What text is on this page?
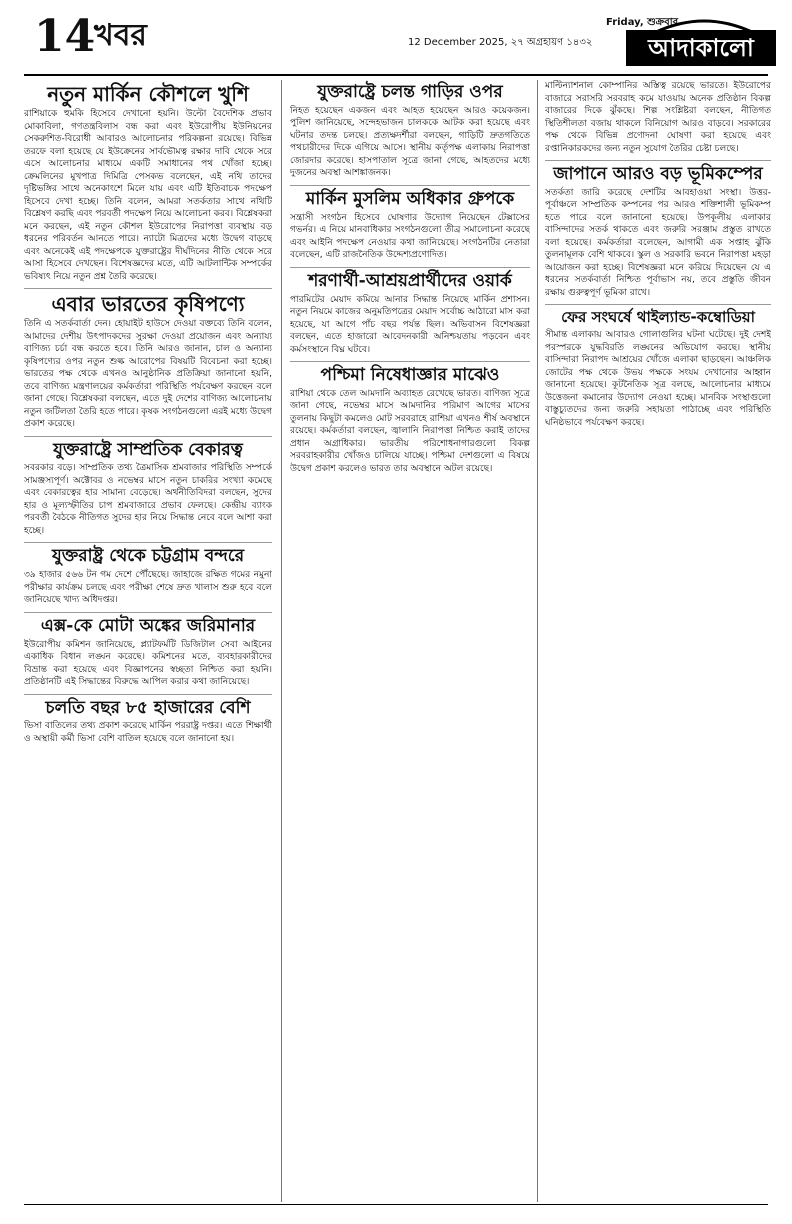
14
খবর	12 December 2025, ২৭ অগ্রহায়ণ ১৪৩২
Friday, শুক্রবার
আদাকালো
নতুন মার্কিন কৌশলে খুশি

রাশিয়াকে হুমকি হিসেবে দেখানো হয়নি। উল্টো বৈদেশিক প্রভাব মোকাবিলা, গণতন্ত্রবিলাস বন্ধ করা এবং ইউরোপীয় ইউনিয়নের সেকরুশিত-বিরোধী আবারও আলোচনার পরিকল্পনা রয়েছে। বিভিন্ন তরফে বলা হয়েছে যে ইউক্রেনের সার্বভৌমত্ব রক্ষার দাবি থেকে সরে এসে আলোচনার মাধ্যমে একটি সমাধানের পথ খোঁজা হচ্ছে। ক্রেমলিনের মুখপাত্র দিমিত্রি পেসকভ বলেছেন, এই নথি তাদের দৃষ্টিভঙ্গির সাথে অনেকাংশে মিলে যায় এবং এটি ইতিবাচক পদক্ষেপ হিসেবে দেখা হচ্ছে। তিনি বলেন, আমরা সতর্কতার সাথে নথিটি বিশ্লেষণ করছি এবং পরবর্তী পদক্ষেপ নিয়ে আলোচনা করব। বিশ্লেষকরা মনে করছেন, এই নতুন কৌশল ইউরোপের নিরাপত্তা ব্যবস্থায় বড় ধরনের পরিবর্তন আনতে পারে। ন্যাটো মিত্রদের মধ্যে উদ্বেগ বাড়ছে এবং অনেকেই এই পদক্ষেপকে যুক্তরাষ্ট্রের দীর্ঘদিনের নীতি থেকে সরে আসা হিসেবে দেখছেন। বিশেষজ্ঞদের মতে, এটি আটলান্টিক সম্পর্কের ভবিষ্যৎ নিয়ে নতুন প্রশ্ন তৈরি করেছে।

এবার ভারতের কৃষিপণ্যে

তিনি এ সতর্কবার্তা দেন। হোয়াইট হাউসে দেওয়া বক্তব্যে তিনি বলেন, আমাদের দেশীয় উৎপাদকদের সুরক্ষা দেওয়া প্রয়োজন এবং অন্যায্য বাণিজ্য চর্চা বন্ধ করতে হবে। তিনি আরও জানান, চাল ও অন্যান্য কৃষিপণ্যের ওপর নতুন শুল্ক আরোপের বিষয়টি বিবেচনা করা হচ্ছে। ভারতের পক্ষ থেকে এখনও আনুষ্ঠানিক প্রতিক্রিয়া জানানো হয়নি, তবে বাণিজ্য মন্ত্রণালয়ের কর্মকর্তারা পরিস্থিতি পর্যবেক্ষণ করছেন বলে জানা গেছে। বিশ্লেষকরা বলছেন, এতে দুই দেশের বাণিজ্য আলোচনায় নতুন জটিলতা তৈরি হতে পারে। কৃষক সংগঠনগুলো এরই মধ্যে উদ্বেগ প্রকাশ করেছে।

যুক্তরাষ্ট্রে সাম্প্রতিক বেকারত্ব

সবরকার বড়ে। সাম্প্রতিক তথ্য ত্রৈমাসিক শ্রমবাজার পরিস্থিতি সম্পর্কে সামঞ্জস্যপূর্ণ। অক্টোবর ও নভেম্বর মাসে নতুন চাকরির সংখ্যা কমেছে এবং বেকারত্বের হার সামান্য বেড়েছে। অর্থনীতিবিদরা বলছেন, সুদের হার ও মূল্যস্ফীতির চাপ শ্রমবাজারে প্রভাব ফেলছে। কেন্দ্রীয় ব্যাংক পরবর্তী বৈঠকে নীতিগত সুদের হার নিয়ে সিদ্ধান্ত নেবে বলে আশা করা হচ্ছে।

যুক্তরাষ্ট্র থেকে চট্টগ্রাম বন্দরে

৩৯ হাজার ৫৬৬ টন গম দেশে পৌঁছেছে। জাহাজে রক্ষিত গমের নমুনা পরীক্ষার কার্যক্রম চলছে এবং পরীক্ষা শেষে দ্রুত খালাস শুরু হবে বলে জানিয়েছে খাদ্য অধিদপ্তর।

এক্স-কে মোটা অঙ্কের জরিমানার

ইউরোপীয় কমিশন জানিয়েছে, প্ল্যাটফর্মটি ডিজিটাল সেবা আইনের একাধিক বিধান লঙ্ঘন করেছে। কমিশনের মতে, ব্যবহারকারীদের বিভ্রান্ত করা হয়েছে এবং বিজ্ঞাপনের স্বচ্ছতা নিশ্চিত করা হয়নি। প্রতিষ্ঠানটি এই সিদ্ধান্তের বিরুদ্ধে আপিল করার কথা জানিয়েছে।

চলতি বছর ৮৫ হাজারের বেশি

ভিসা বাতিলের তথ্য প্রকাশ করেছে মার্কিন পররাষ্ট্র দপ্তর। এতে শিক্ষার্থী ও অস্থায়ী কর্মী ভিসা বেশি বাতিল হয়েছে বলে জানানো হয়।

যুক্তরাষ্ট্রে চলন্ত গাড়ির ওপর

নিহত হয়েছেন একজন এবং আহত হয়েছেন আরও কয়েকজন। পুলিশ জানিয়েছে, সন্দেহভাজন চালককে আটক করা হয়েছে এবং ঘটনার তদন্ত চলছে। প্রত্যক্ষদর্শীরা বলছেন, গাড়িটি দ্রুতগতিতে পথচারীদের দিকে এগিয়ে আসে। স্থানীয় কর্তৃপক্ষ এলাকায় নিরাপত্তা জোরদার করেছে। হাসপাতাল সূত্রে জানা গেছে, আহতদের মধ্যে দুজনের অবস্থা আশঙ্কাজনক।

মার্কিন মুসলিম অধিকার গ্রুপকে

সন্ত্রাসী সংগঠন হিসেবে ঘোষণার উদ্যোগ নিয়েছেন টেক্সাসের গভর্নর। এ নিয়ে মানবাধিকার সংগঠনগুলো তীব্র সমালোচনা করেছে এবং আইনি পদক্ষেপ নেওয়ার কথা জানিয়েছে। সংগঠনটির নেতারা বলেছেন, এটি রাজনৈতিক উদ্দেশ্যপ্রণোদিত।

শরণার্থী-আশ্রয়প্রার্থীদের ওয়ার্ক

পারমিটের মেয়াদ কমিয়ে আনার সিদ্ধান্ত নিয়েছে মার্কিন প্রশাসন। নতুন নিয়মে কাজের অনুমতিপত্রের মেয়াদ সর্বোচ্চ আঠারো মাস করা হয়েছে, যা আগে পাঁচ বছর পর্যন্ত ছিল। অভিবাসন বিশেষজ্ঞরা বলছেন, এতে হাজারো আবেদনকারী অনিশ্চয়তায় পড়বেন এবং কর্মসংস্থানে বিঘ্ন ঘটবে।

পশ্চিমা নিষেধাজ্ঞার মাঝেও

রাশিয়া থেকে তেল আমদানি অব্যাহত রেখেছে ভারত। বাণিজ্য সূত্রে জানা গেছে, নভেম্বর মাসে আমদানির পরিমাণ আগের মাসের তুলনায় কিছুটা কমলেও মোট সরবরাহে রাশিয়া এখনও শীর্ষ অবস্থানে রয়েছে। কর্মকর্তারা বলছেন, জ্বালানি নিরাপত্তা নিশ্চিত করাই তাদের প্রধান অগ্রাধিকার। ভারতীয় পরিশোধনাগারগুলো বিকল্প সরবরাহকারীর খোঁজও চালিয়ে যাচ্ছে। পশ্চিমা দেশগুলো এ বিষয়ে উদ্বেগ প্রকাশ করলেও ভারত তার অবস্থানে অটল রয়েছে।

মাল্টিন্যাশনাল কোম্পানির অস্তিত্ব রয়েছে ভারতে। ইউরোপের বাজারে সরাসরি সরবরাহ কমে যাওয়ায় অনেক প্রতিষ্ঠান বিকল্প বাজারের দিকে ঝুঁকছে। শিল্প সংশ্লিষ্টরা বলছেন, নীতিগত স্থিতিশীলতা বজায় থাকলে বিনিয়োগ আরও বাড়বে। সরকারের পক্ষ থেকে বিভিন্ন প্রণোদনা ঘোষণা করা হয়েছে এবং রপ্তানিকারকদের জন্য নতুন সুযোগ তৈরির চেষ্টা চলছে।

জাপানে আরও বড় ভূমিকম্পের

সতর্কতা জারি করেছে দেশটির আবহাওয়া সংস্থা। উত্তর-পূর্বাঞ্চলে সাম্প্রতিক কম্পনের পর আরও শক্তিশালী ভূমিকম্প হতে পারে বলে জানানো হয়েছে। উপকূলীয় এলাকার বাসিন্দাদের সতর্ক থাকতে এবং জরুরি সরঞ্জাম প্রস্তুত রাখতে বলা হয়েছে। কর্মকর্তারা বলেছেন, আগামী এক সপ্তাহ ঝুঁকি তুলনামূলক বেশি থাকবে। স্কুল ও সরকারি ভবনে নিরাপত্তা মহড়া আয়োজন করা হচ্ছে। বিশেষজ্ঞরা মনে করিয়ে দিয়েছেন যে এ ধরনের সতর্কবার্তা নিশ্চিত পূর্বাভাস নয়, তবে প্রস্তুতি জীবন রক্ষায় গুরুত্বপূর্ণ ভূমিকা রাখে।

ফের সংঘর্ষে থাইল্যান্ড-কম্বোডিয়া

সীমান্ত এলাকায় আবারও গোলাগুলির ঘটনা ঘটেছে। দুই দেশই পরস্পরকে যুদ্ধবিরতি লঙ্ঘনের অভিযোগ করছে। স্থানীয় বাসিন্দারা নিরাপদ আশ্রয়ের খোঁজে এলাকা ছাড়ছেন। আঞ্চলিক জোটের পক্ষ থেকে উভয় পক্ষকে সংযম দেখানোর আহ্বান জানানো হয়েছে। কূটনৈতিক সূত্র বলছে, আলোচনার মাধ্যমে উত্তেজনা কমানোর উদ্যোগ নেওয়া হচ্ছে। মানবিক সংস্থাগুলো বাস্তুচ্যুতদের জন্য জরুরি সহায়তা পাঠাচ্ছে এবং পরিস্থিতি ঘনিষ্ঠভাবে পর্যবেক্ষণ করছে।
